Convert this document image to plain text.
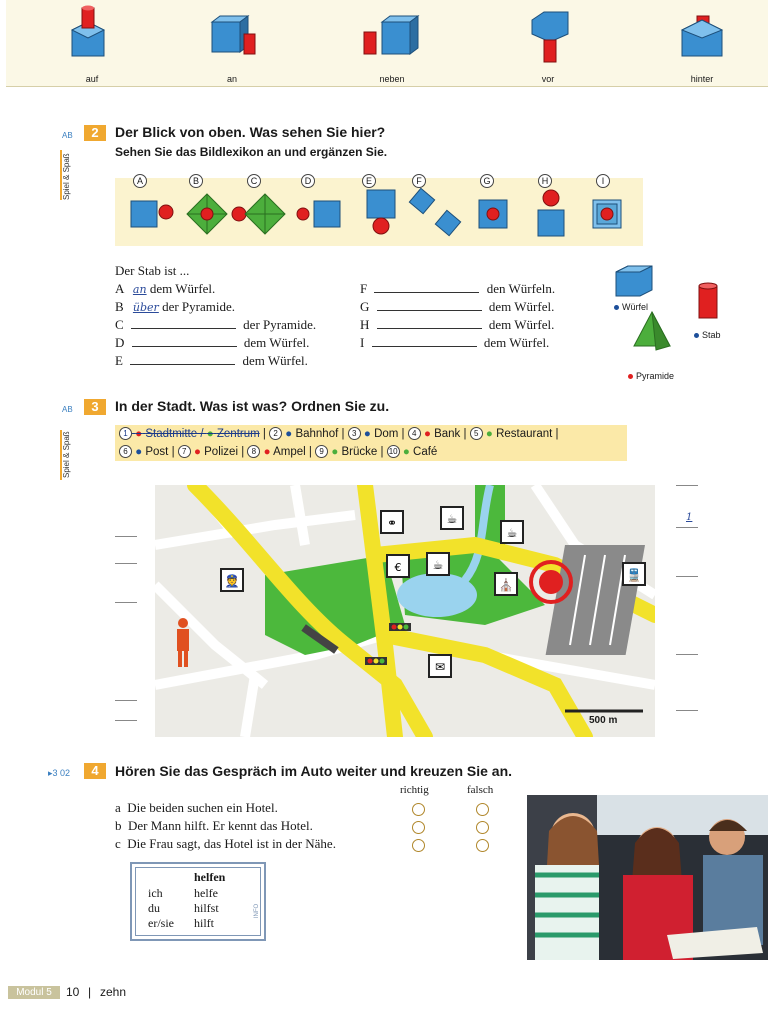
auf	an	neben	vor	hinter
AB	2	Der Blick von oben. Was sehen Sie hier?
Sehen Sie das Bildlexikon an und ergänzen Sie.
Spiel & Spaß	A	B	C	D	E	F	G	H	I
Der Stab ist ...
A an dem Würfel.
B über der Pyramide.
C	der Pyramide.
D	dem Würfel.
E	dem Würfel.
F	den Würfeln.
G	dem Würfel.
H	dem Würfel.
I	dem Würfel.
Würfel
Stab
Pyramide
AB	3	In der Stadt. Was ist was? Ordnen Sie zu.
Spiel & Spaß	1 ● Stadtmitte / ● Zentrum | 2 ● Bahnhof | 3 ● Dom | 4 ● Bank | 5 ● Restaurant |
6 ● Post | 7 ● Polizei | 8 ● Ampel | 9 ● Brücke | 10 ● Café
⚭	☕
☕
€	☕
⛪
👮	🚆
✉
500 m
1
▸3 02	4	Hören Sie das Gespräch im Auto weiter und kreuzen Sie an.
richtig	falsch
a Die beiden suchen ein Hotel.
b Der Mann hilft. Er kennt das Hotel.
c Die Frau sagt, das Hotel ist in der Nähe.
helfen
ich	helfe
du	hilfst
er/sie hilft
INFO
Modul 5	10 | zehn
